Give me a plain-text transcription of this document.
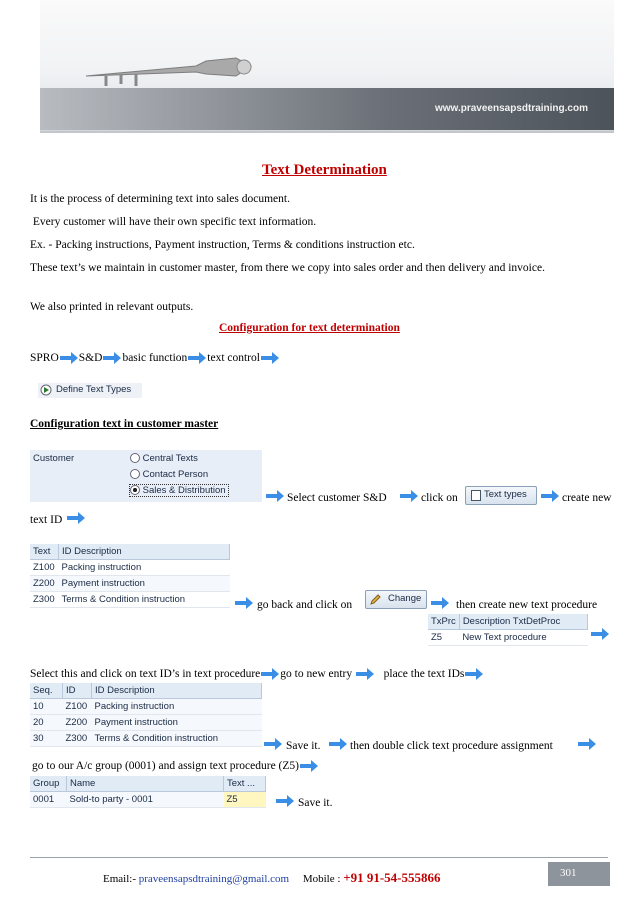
www.praveensapsdtraining.com
Text Determination
It is the process of determining text into sales document.
Every customer will have their own specific text information.
Ex. - Packing instructions, Payment instruction, Terms & conditions instruction etc.
These text’s we maintain in customer master, from there we copy into sales order and then delivery and invoice.
We also printed in relevant outputs.
Configuration for text determination
SPRO S&D basic function text control
Define Text Types
Configuration text in customer master
Customer	Central Texts
Contact Person
Sales & Distribution
Select customer S&D	click on	Text types	create new
text ID
Text	ID Description
Z100	Packing instruction
Z200	Payment instruction
Z300	Terms & Condition instruction	go back and click on
Change
then create new text procedure
TxPrc	Description TxtDetProc
Z5	New Text procedure
Select this and click on text ID’s in text procedure go to new entry	place the text IDs
Seq.	ID	ID Description
10	Z100	Packing instruction
20	Z200	Payment instruction
30	Z300	Terms & Condition instruction
Save it.	then double click text procedure assignment
go to our A/c group (0001) and assign text procedure (Z5)
Group	Name	Text ...
0001	Sold-to party - 0001	Z5	Save it.
Email:- praveensapsdtraining@gmail.com Mobile : +91 91-54-555866	301
